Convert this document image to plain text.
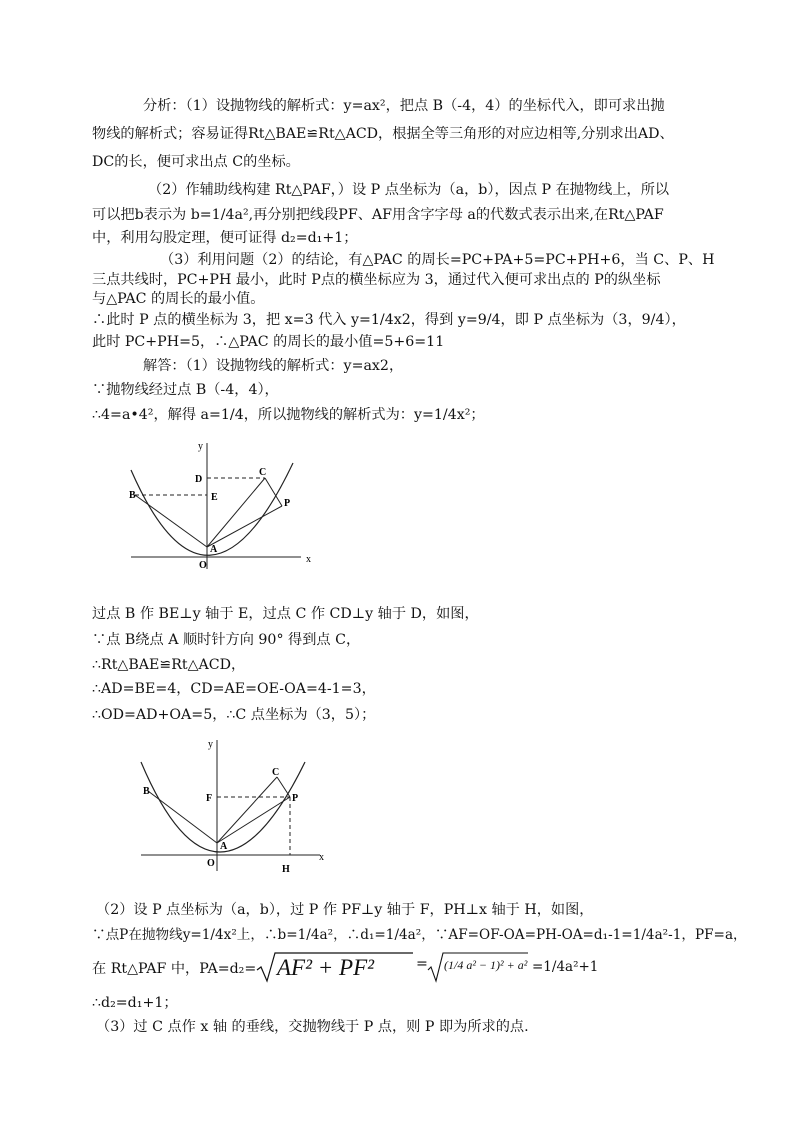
分析：（1）设抛物线的解析式：y=ax²，把点 B（-4，4）的坐标代入，即可求出抛
物线的解析式；容易证得Rt△BAE≌Rt△ACD，根据全等三角形的对应边相等,分别求出AD、
DC的长，便可求出点 C的坐标。
（2）作辅助线构建 Rt△PAF，）设 P 点坐标为（a，b），因点 P 在抛物线上，所以
可以把b表示为 b=1/4a²,再分别把线段PF、AF用含字字母 a的代数式表示出来,在Rt△PAF
中，利用勾股定理，便可证得 d₂=d₁+1；
（3）利用问题（2）的结论，有△PAC 的周长=PC+PA+5=PC+PH+6，当 C、P、H
三点共线时，PC+PH 最小，此时 P点的横坐标应为 3，通过代入便可求出点的 P的纵坐标
与△PAC 的周长的最小值。
∴此时 P 点的横坐标为 3，把 x=3 代入 y=1/4x2，得到 y=9/4，即 P 点坐标为（3，9/4），
此时 PC+PH=5，∴△PAC 的周长的最小值=5+6=11
解答：（1）设抛物线的解析式：y=ax2，
∵抛物线经过点 B（-4，4），
∴4=a•4²，解得 a=1/4，所以抛物线的解析式为：y=1/4x²；
y
x
O
A
B
C
D
E
P
过点 B 作 BE⊥y 轴于 E，过点 C 作 CD⊥y 轴于 D，如图，
∵点 B绕点 A 顺时针方向 90° 得到点 C，
∴Rt△BAE≌Rt△ACD，
∴AD=BE=4，CD=AE=OE-OA=4-1=3，
∴OD=AD+OA=5，∴C 点坐标为（3，5）；
y
x
O
A
B
C
F
H
P
（2）设 P 点坐标为（a，b），过 P 作 PF⊥y 轴于 F，PH⊥x 轴于 H，如图，
∵点P在抛物线y=1/4x²上，∴b=1/4a²，∴d₁=1/4a²，∵AF=OF-OA=PH-OA=d₁-1=1/4a²-1，PF=a，
在 Rt△PAF 中，PA=d₂= AF² + PF²	= (1/4 a² − 1)² + a² =1/4a²+1
∴d₂=d₁+1；
（3）过 C 点作 x 轴 的垂线，交抛物线于 P 点，则 P 即为所求的点.
